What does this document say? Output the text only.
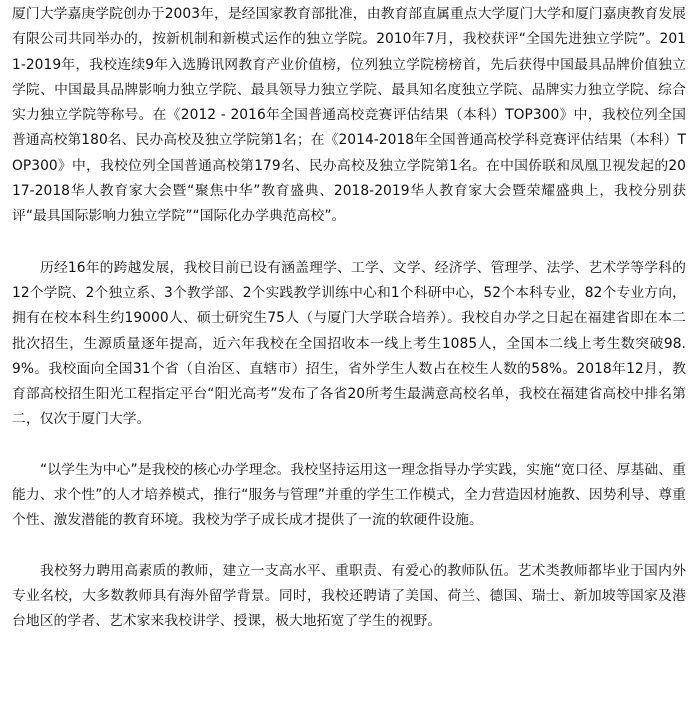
厦门大学嘉庚学院创办于2003年，是经国家教育部批准，由教育部直属重点大学厦门大学和厦门嘉庚教育发展有限公司共同举办的，按新机制和新模式运作的独立学院。2010年7月，我校获评“全国先进独立学院”。2011-2019年，我校连续9年入选腾讯网教育产业价值榜，位列独立学院榜榜首，先后获得中国最具品牌价值独立学院、中国最具品牌影响力独立学院、最具领导力独立学院、最具知名度独立学院、品牌实力独立学院、综合实力独立学院等称号。在《2012 - 2016年全国普通高校竞赛评估结果（本科）TOP300》中，我校位列全国普通高校第180名、民办高校及独立学院第1名；在《2014-2018年全国普通高校学科竞赛评估结果（本科）TOP300》中，我校位列全国普通高校第179名、民办高校及独立学院第1名。在中国侨联和凤凰卫视发起的2017-2018华人教育家大会暨“聚焦中华”教育盛典、2018-2019华人教育家大会暨荣耀盛典上，我校分别获评“最具国际影响力独立学院”“国际化办学典范高校”。

历经16年的跨越发展，我校目前已设有涵盖理学、工学、文学、经济学、管理学、法学、艺术学等学科的12个学院、2个独立系、3个教学部、2个实践教学训练中心和1个科研中心，52个本科专业，82个专业方向，拥有在校本科生约19000人、硕士研究生75人（与厦门大学联合培养）。我校自办学之日起在福建省即在本二批次招生，生源质量逐年提高，近六年我校在全国招收本一线上考生1085人，全国本二线上考生数突破98.9%。我校面向全国31个省（自治区、直辖市）招生，省外学生人数占在校生人数的58%。2018年12月，教育部高校招生阳光工程指定平台“阳光高考”发布了各省20所考生最满意高校名单，我校在福建省高校中排名第二，仅次于厦门大学。

“以学生为中心”是我校的核心办学理念。我校坚持运用这一理念指导办学实践，实施“宽口径、厚基础、重能力、求个性”的人才培养模式，推行“服务与管理”并重的学生工作模式，全力营造因材施教、因势利导、尊重个性、激发潜能的教育环境。我校为学子成长成才提供了一流的软硬件设施。

我校努力聘用高素质的教师，建立一支高水平、重职责、有爱心的教师队伍。艺术类教师都毕业于国内外专业名校，大多数教师具有海外留学背景。同时，我校还聘请了美国、荷兰、德国、瑞士、新加坡等国家及港台地区的学者、艺术家来我校讲学、授课，极大地拓宽了学生的视野。
